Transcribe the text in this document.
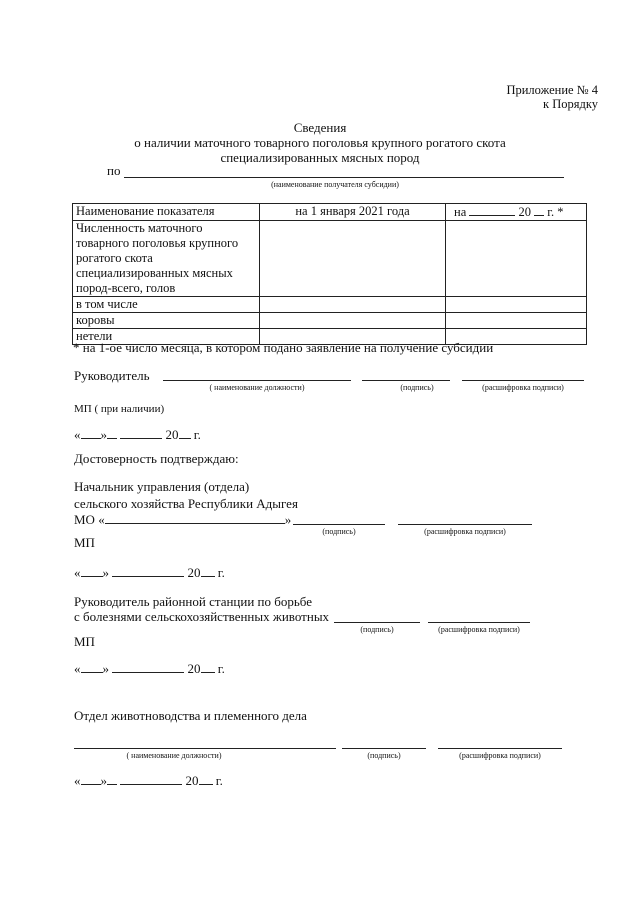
Приложение № 4
к Порядку
Сведения
о наличии маточного товарного поголовья крупного рогатого скота
специализированных мясных пород
по
(наименование получателя субсидии)
Наименование показателя	на 1 января 2021 года	на 20 г. *

Численность маточного
товарного поголовья крупного
рогатого скота
специализированных мясных
пород-всего, голов		

в том числе		
коровы		
нетели		
* на 1-ое число месяца, в котором подано заявление на получение субсидии
Руководитель
( наименование должности)	(подпись)	(расшифровка подписи)
МП ( при наличии)
« »	20 г.
Достоверность подтверждаю:
Начальник управления (отдела)
сельского хозяйства Республики Адыгея
МО «	»
(подпись)	(расшифровка подписи)
МП
« »	20 г.
Руководитель районной станции по борьбе
с болезнями сельскохозяйственных животных
(подпись)	(расшифровка подписи)
МП
« »	20 г.
Отдел животноводства и племенного дела
( наименование должности)	(подпись)	(расшифровка подписи)
« »	20 г.
